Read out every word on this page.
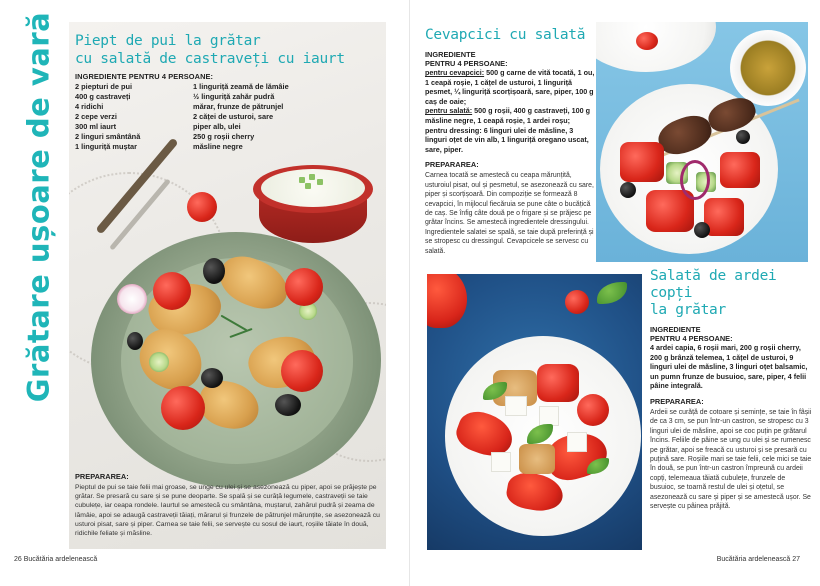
Grătare ușoare de vară Piept de pui la grătar
cu salată de castraveți cu iaurt
INGREDIENTE PENTRU 4 PERSOANE:
2 piepturi de pui
400 g castraveți
4 ridichi
2 cepe verzi
300 ml iaurt
2 linguri smântână
1 linguriță muștar
1 linguriță zeamă de lămâie
½ linguriță zahăr pudră
mărar, frunze de pătrunjel
2 căței de usturoi, sare
piper alb, ulei
250 g roșii cherry
măsline negre
PREPARAREA:
Pieptul de pui se taie felii mai groase, se unge cu ulei și se asezonează cu piper, apoi se prăjește pe grătar. Se presară cu sare și se pune deoparte. Se spală și se curăță legumele, castraveții se taie cubulețe, iar ceapa rondele. Iaurtul se amestecă cu smântâna, muștarul, zahărul pudră și zeama de lămâie, apoi se adaugă castraveții tăiați, mărarul și frunzele de pătrunjel mărunțite, se asezonează cu usturoi pisat, sare și piper. Carnea se taie felii, se servește cu sosul de iaurt, roșiile tăiate în două, ridichile feliate și măsline.
26 Bucătăria ardelenească
Cevapcici cu salată
INGREDIENTE
PENTRU 4 PERSOANE:
pentru cevapcici: 500 g carne de vită tocată, 1 ou, 1 ceapă roșie, 1 cățel de usturoi, 1 linguriță pesmet, ¼ linguriță scorțișoară, sare, piper, 100 g caș de oaie;
pentru salată: 500 g roșii, 400 g castraveți, 100 g măsline negre, 1 ceapă roșie, 1 ardei roșu;
pentru dressing: 6 linguri ulei de măsline, 3 linguri oțet de vin alb, 1 linguriță oregano uscat, sare, piper.
PREPARAREA:
Carnea tocată se amestecă cu ceapa mărunțită, usturoiul pisat, oul și pesmetul, se asezonează cu sare, piper și scorțișoară. Din compoziție se formează 8 cevapcici, în mijlocul fiecăruia se pune câte o bucățică de caș. Se înfig câte două pe o frigare și se prăjesc pe grătar încins. Se amestecă ingredientele dressingului. Ingredientele salatei se spală, se taie după preferință și se stropesc cu dressingul. Cevapcicele se servesc cu salată.
Salată de ardei copți
la grătar
INGREDIENTE
PENTRU 4 PERSOANE:
4 ardei capia, 6 roșii mari, 200 g roșii cherry, 200 g brânză telemea, 1 cățel de usturoi, 9 linguri ulei de măsline, 3 linguri oțet balsamic, un pumn frunze de busuioc, sare, piper, 4 felii pâine integrală.
PREPARAREA:
Ardeii se curăță de cotoare și semințe, se taie în fâșii de ca 3 cm, se pun într-un castron, se stropesc cu 3 linguri ulei de măsline, apoi se coc puțin pe grătarul încins. Feliile de pâine se ung cu ulei și se rumenesc pe grătar, apoi se freacă cu usturoi și se presară cu puțină sare. Roșiile mari se taie felii, cele mici se taie în două, se pun într-un castron împreună cu ardeii copți, telemeaua tăiată cubulețe, frunzele de busuioc, se toarnă restul de ulei și oțetul, se asezonează cu sare și piper și se amestecă ușor. Se servește cu pâinea prăjită.
Bucătăria ardelenească 27
